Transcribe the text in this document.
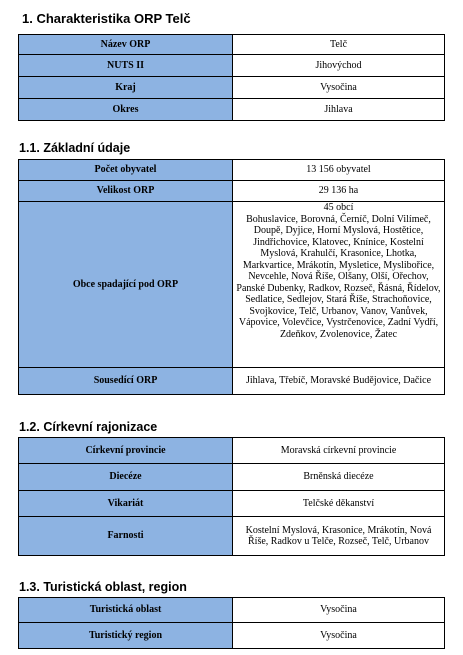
1. Charakteristika ORP Telč
Název ORP	Telč
NUTS II	Jihovýchod
Kraj	Vysočina
Okres	Jihlava
1.1. Základní údaje
Počet obyvatel	13 156 obyvatel
Velikost ORP	29 136 ha
Obce spadající pod ORP	45 obcí
Bohuslavice, Borovná, Černíč, Dolní Vilímeč, Doupě, Dyjice, Horní Myslová, Hostětice, Jindřichovice, Klatovec, Knínice, Kostelní Myslová, Krahulčí, Krasonice, Lhotka, Markvartice, Mrákotín, Mysletice, Myslibořice, Nevcehle, Nová Říše, Olšany, Olší, Ořechov, Panské Dubenky, Radkov, Rozseč, Řásná, Řídelov, Sedlatice, Sedlejov, Stará Říše, Strachoňovice, Svojkovice, Telč, Urbanov, Vanov, Vanůvek, Vápovice, Volevčice, Vystrčenovice, Zadní Vydří, Zdeňkov, Zvolenovice, Žatec

Sousedící ORP	Jihlava, Třebíč, Moravské Budějovice, Dačice
1.2. Církevní rajonizace
Církevní provincie	Moravská církevní provincie
Diecéze	Brněnská diecéze
Vikariát	Telčské děkanství
Farnosti	Kostelní Myslová, Krasonice, Mrákotín, Nová Říše, Radkov u Telče, Rozseč, Telč, Urbanov
1.3. Turistická oblast, region
Turistická oblast	Vysočina
Turistický region	Vysočina
